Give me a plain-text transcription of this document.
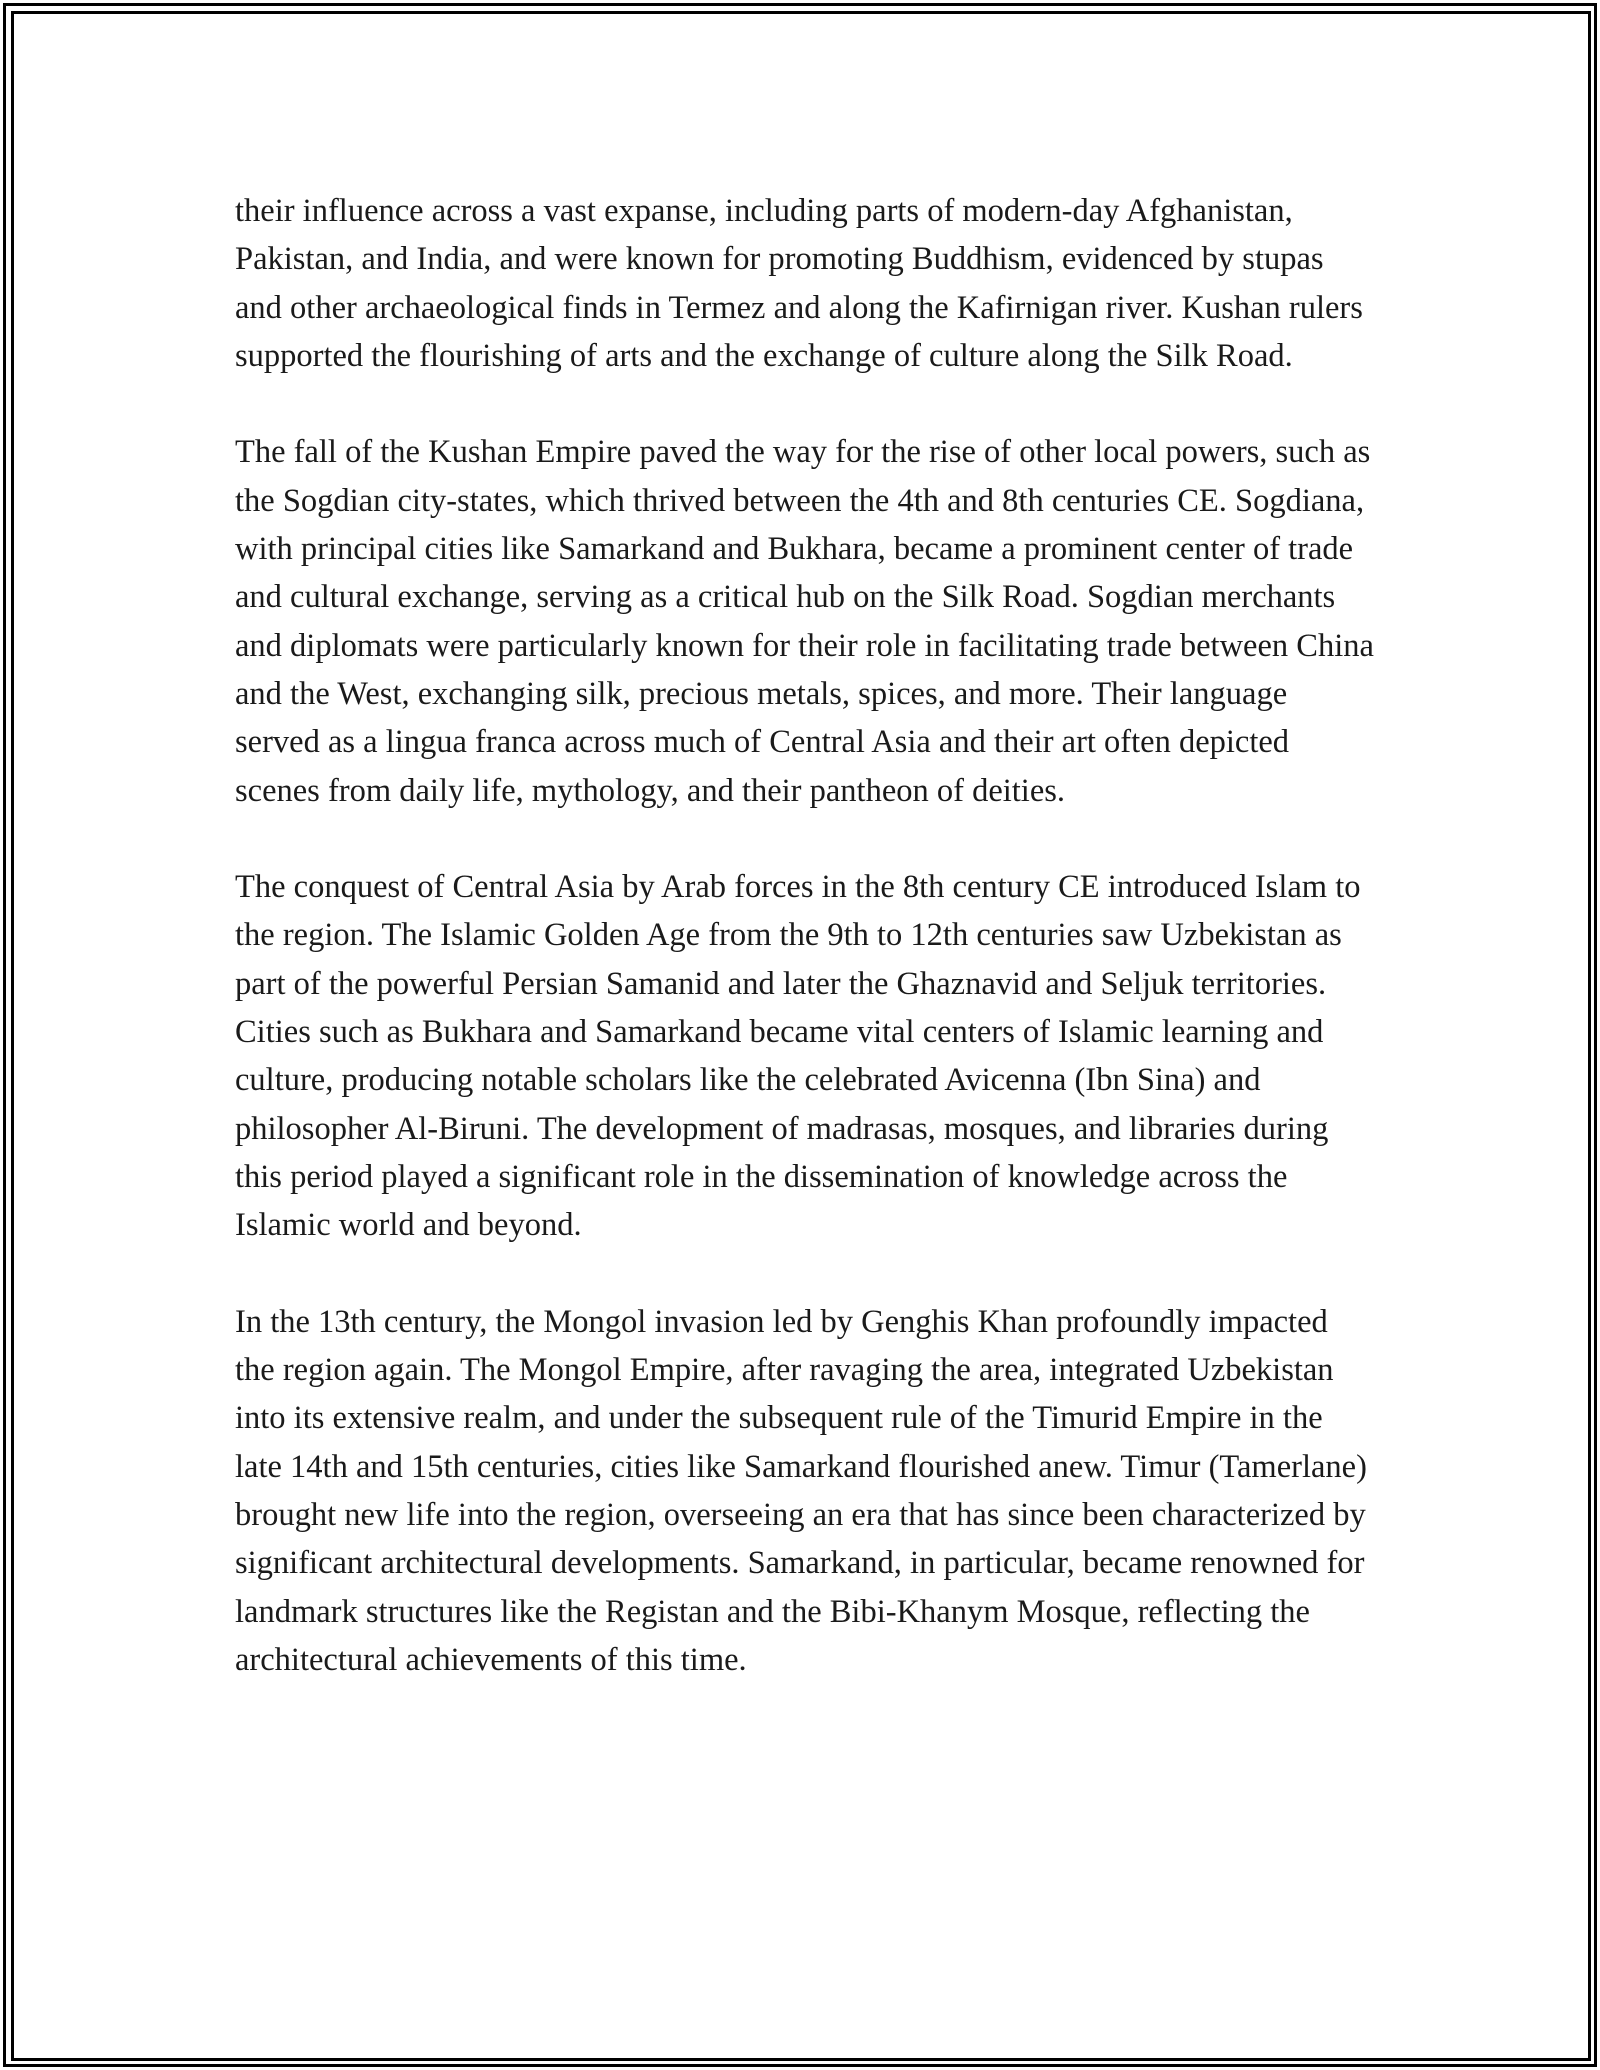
their influence across a vast expanse, including parts of modern-day Afghanistan, Pakistan, and India, and were known for promoting Buddhism, evidenced by stupas and other archaeological finds in Termez and along the Kafirnigan river. Kushan rulers supported the flourishing of arts and the exchange of culture along the Silk Road.

The fall of the Kushan Empire paved the way for the rise of other local powers, such as the Sogdian city-states, which thrived between the 4th and 8th centuries CE. Sogdiana, with principal cities like Samarkand and Bukhara, became a prominent center of trade and cultural exchange, serving as a critical hub on the Silk Road. Sogdian merchants and diplomats were particularly known for their role in facilitating trade between China and the West, exchanging silk, precious metals, spices, and more. Their language served as a lingua franca across much of Central Asia and their art often depicted scenes from daily life, mythology, and their pantheon of deities.

The conquest of Central Asia by Arab forces in the 8th century CE introduced Islam to the region. The Islamic Golden Age from the 9th to 12th centuries saw Uzbekistan as part of the powerful Persian Samanid and later the Ghaznavid and Seljuk territories. Cities such as Bukhara and Samarkand became vital centers of Islamic learning and culture, producing notable scholars like the celebrated Avicenna (Ibn Sina) and philosopher Al-Biruni. The development of madrasas, mosques, and libraries during this period played a significant role in the dissemination of knowledge across the Islamic world and beyond.

In the 13th century, the Mongol invasion led by Genghis Khan profoundly impacted the region again. The Mongol Empire, after ravaging the area, integrated Uzbekistan into its extensive realm, and under the subsequent rule of the Timurid Empire in the late 14th and 15th centuries, cities like Samarkand flourished anew. Timur (Tamerlane) brought new life into the region, overseeing an era that has since been characterized by significant architectural developments. Samarkand, in particular, became renowned for landmark structures like the Registan and the Bibi-Khanym Mosque, reflecting the architectural achievements of this time.
